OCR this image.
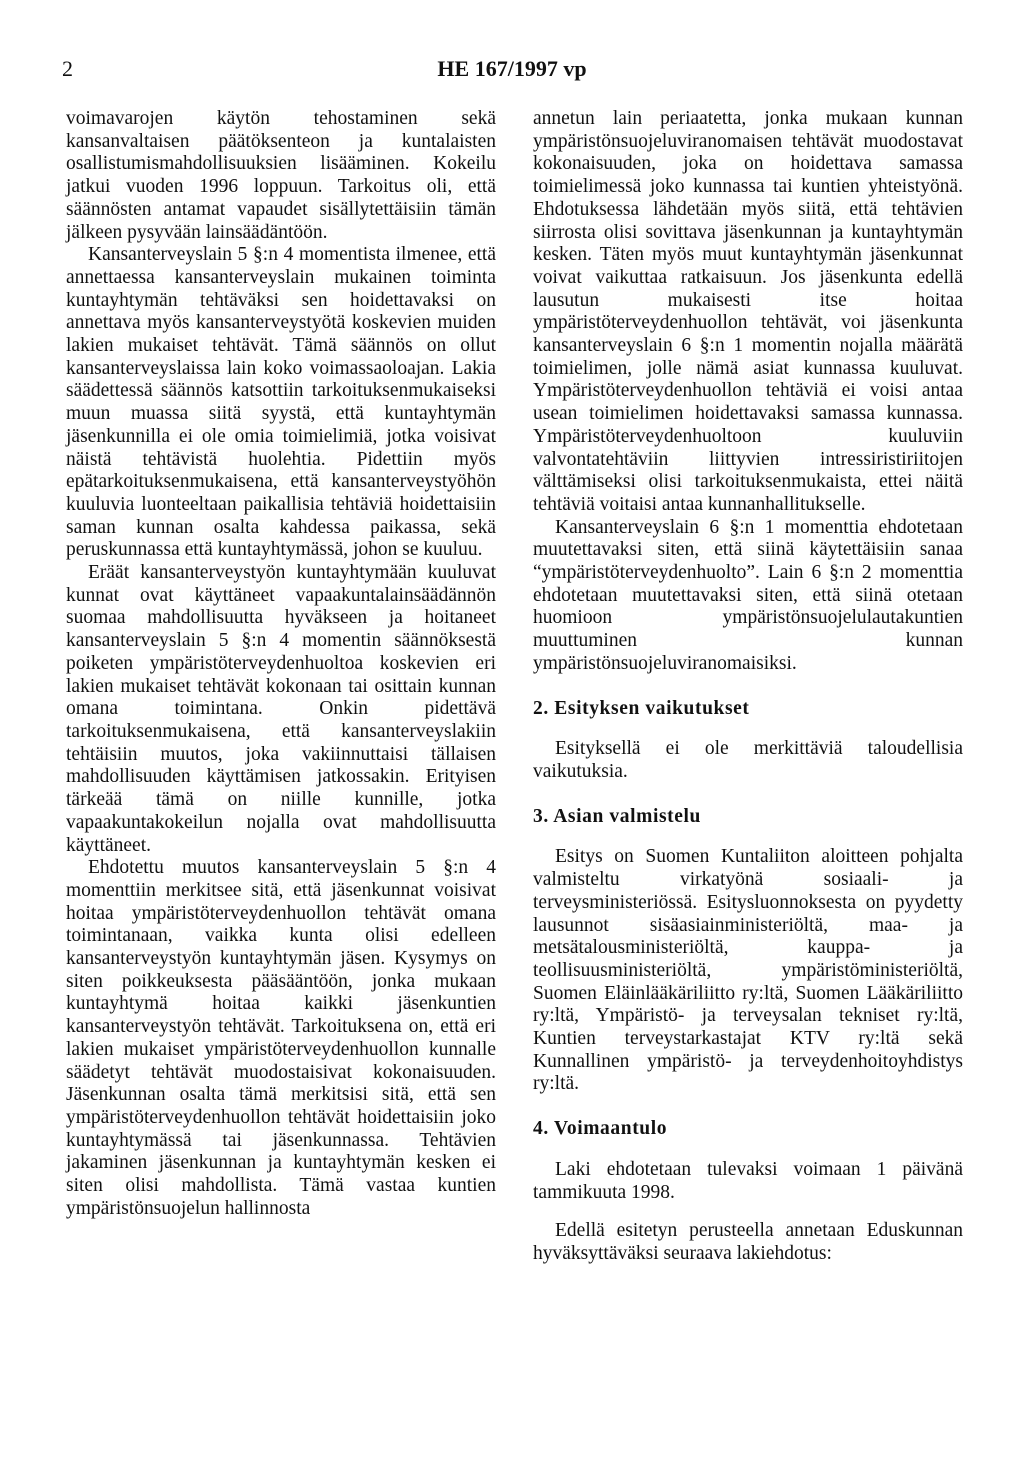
2	HE 167/1997 vp

voimavarojen käytön tehostaminen sekä kansanvaltaisen päätöksenteon ja kuntalaisten osallistumismahdollisuuksien lisääminen. Kokeilu jatkui vuoden 1996 loppuun. Tarkoitus oli, että säännösten antamat vapaudet sisällytettäisiin tämän jälkeen pysyvään lainsäädäntöön.

Kansanterveyslain 5 §:n 4 momentista ilmenee, että annettaessa kansanterveyslain mukainen toiminta kuntayhtymän tehtäväksi sen hoidettavaksi on annettava myös kansanterveystyötä koskevien muiden lakien mukaiset tehtävät. Tämä säännös on ollut kansanterveyslaissa lain koko voimassaoloajan. Lakia säädettessä säännös katsottiin tarkoituksenmukaiseksi muun muassa siitä syystä, että kuntayhtymän jäsenkunnilla ei ole omia toimielimiä, jotka voisivat näistä tehtävistä huolehtia. Pidettiin myös epätarkoituksenmukaisena, että kansanterveystyöhön kuuluvia luonteeltaan paikallisia tehtäviä hoidettaisiin saman kunnan osalta kahdessa paikassa, sekä peruskunnassa että kuntayhtymässä, johon se kuuluu.

Eräät kansanterveystyön kuntayhtymään kuuluvat kunnat ovat käyttäneet vapaakuntalainsäädännön suomaa mahdollisuutta hyväkseen ja hoitaneet kansanterveyslain 5 §:n 4 momentin säännöksestä poiketen ympäristöterveydenhuoltoa koskevien eri lakien mukaiset tehtävät kokonaan tai osittain kunnan omana toimintana. Onkin pidettävä tarkoituksenmukaisena, että kansanterveyslakiin tehtäisiin muutos, joka vakiinnuttaisi tällaisen mahdollisuuden käyttämisen jatkossakin. Erityisen tärkeää tämä on niille kunnille, jotka vapaakuntakokeilun nojalla ovat mahdollisuutta käyttäneet.

Ehdotettu muutos kansanterveyslain 5 §:n 4 momenttiin merkitsee sitä, että jäsenkunnat voisivat hoitaa ympäristöterveydenhuollon tehtävät omana toimintanaan, vaikka kunta olisi edelleen kansanterveystyön kuntayhtymän jäsen. Kysymys on siten poikkeuksesta pääsääntöön, jonka mukaan kuntayhtymä hoitaa kaikki jäsenkuntien kansanterveystyön tehtävät. Tarkoituksena on, että eri lakien mukaiset ympäristöterveydenhuollon kunnalle säädetyt tehtävät muodostaisivat kokonaisuuden. Jäsenkunnan osalta tämä merkitsisi sitä, että sen ympäristöterveydenhuollon tehtävät hoidettaisiin joko kuntayhtymässä tai jäsenkunnassa. Tehtävien jakaminen jäsenkunnan ja kuntayhtymän kesken ei siten olisi mahdollista. Tämä vastaa kuntien ympäristönsuojelun hallinnosta

annetun lain periaatetta, jonka mukaan kunnan ympäristönsuojeluviranomaisen tehtävät muodostavat kokonaisuuden, joka on hoidettava samassa toimielimessä joko kunnassa tai kuntien yhteistyönä. Ehdotuksessa lähdetään myös siitä, että tehtävien siirrosta olisi sovittava jäsenkunnan ja kuntayhtymän kesken. Täten myös muut kuntayhtymän jäsenkunnat voivat vaikuttaa ratkaisuun. Jos jäsenkunta edellä lausutun mukaisesti itse hoitaa ympäristöterveydenhuollon tehtävät, voi jäsenkunta kansanterveyslain 6 §:n 1 momentin nojalla määrätä toimielimen, jolle nämä asiat kunnassa kuuluvat. Ympäristöterveydenhuollon tehtäviä ei voisi antaa usean toimielimen hoidettavaksi samassa kunnassa. Ympäristöterveydenhuoltoon kuuluviin valvontatehtäviin liittyvien intressiristiriitojen välttämiseksi olisi tarkoituksenmukaista, ettei näitä tehtäviä voitaisi antaa kunnanhallitukselle.

Kansanterveyslain 6 §:n 1 momenttia ehdotetaan muutettavaksi siten, että siinä käytettäisiin sanaa “ympäristöterveydenhuolto”. Lain 6 §:n 2 momenttia ehdotetaan muutettavaksi siten, että siinä otetaan huomioon ympäristönsuojelulautakuntien muuttuminen kunnan ympäristönsuojeluviranomaisiksi.

2. Esityksen vaikutukset

Esityksellä ei ole merkittäviä taloudellisia vaikutuksia.

3. Asian valmistelu

Esitys on Suomen Kuntaliiton aloitteen pohjalta valmisteltu virkatyönä sosiaali- ja terveysministeriössä. Esitysluonnoksesta on pyydetty lausunnot sisäasiainministeriöltä, maa- ja metsätalousministeriöltä, kauppa- ja teollisuusministeriöltä, ympäristöministeriöltä, Suomen Eläinlääkäriliitto ry:ltä, Suomen Lääkäriliitto ry:ltä, Ympäristö- ja terveysalan tekniset ry:ltä, Kuntien terveystarkastajat KTV ry:ltä sekä Kunnallinen ympäristö- ja terveydenhoitoyhdistys ry:ltä.

4. Voimaantulo

Laki ehdotetaan tulevaksi voimaan 1 päivänä tammikuuta 1998.

Edellä esitetyn perusteella annetaan Eduskunnan hyväksyttäväksi seuraava lakiehdotus:
